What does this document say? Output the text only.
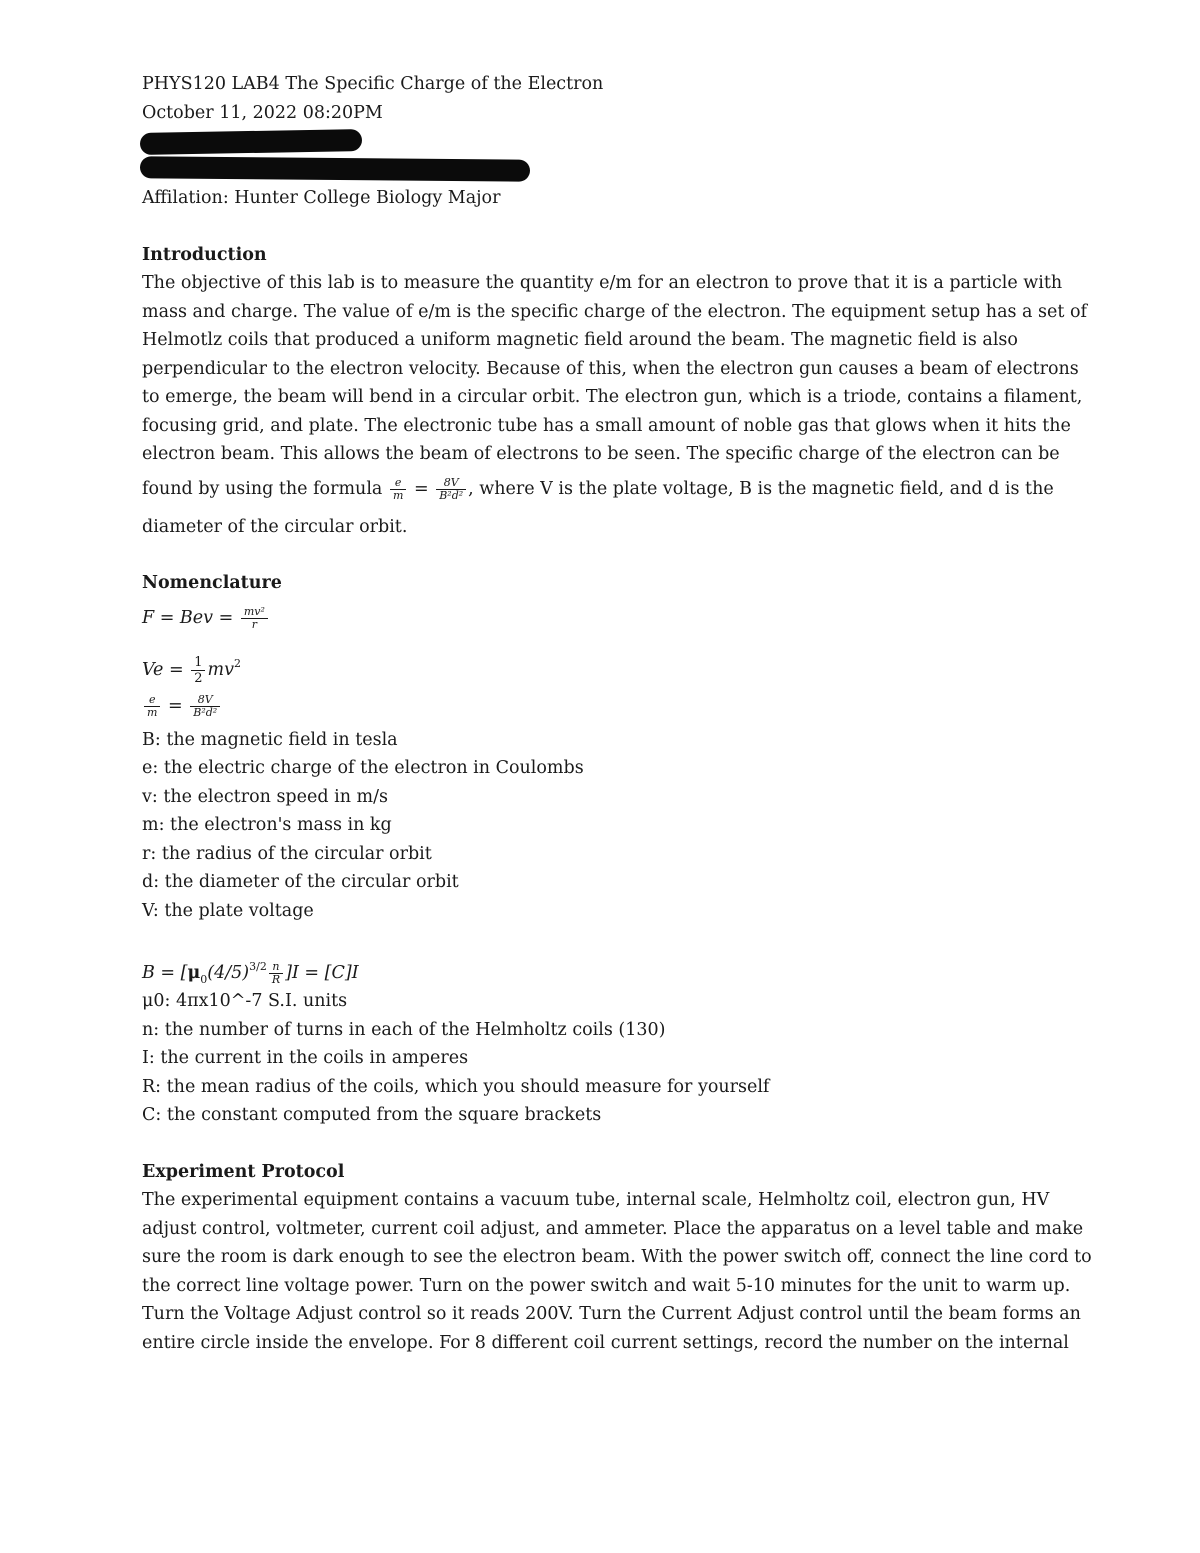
PHYS120 LAB4 The Specific Charge of the Electron
October 11, 2022 08:20PM
Affilation: Hunter College Biology Major
Introduction
The objective of this lab is to measure the quantity e/m for an electron to prove that it is a particle with
mass and charge. The value of e/m is the specific charge of the electron. The equipment setup has a set of
Helmotlz coils that produced a uniform magnetic field around the beam. The magnetic field is also
perpendicular to the electron velocity. Because of this, when the electron gun causes a beam of electrons
to emerge, the beam will bend in a circular orbit. The electron gun, which is a triode, contains a filament,
focusing grid, and plate. The electronic tube has a small amount of noble gas that glows when it hits the
electron beam. This allows the beam of electrons to be seen. The specific charge of the electron can be
found by using the formula $\frac{e}{m} = \frac{8V}{\text{B²d²}}$ , where V is the plate voltage, B is the magnetic field, and d is the
diameter of the circular orbit.
Nomenclature
F = Bev = $\frac{\text{mv²}}{r}$
$Ve = \frac{1}{2} mv^2$
$\frac{e}{m} = \frac{8V}{\text{B²d²}}$
B: the magnetic field in tesla
e: the electric charge of the electron in Coulombs
v: the electron speed in m/s
m: the electron's mass in kg
r: the radius of the circular orbit
d: the diameter of the circular orbit
V: the plate voltage
$B = [\mu_0(4/5)^{3/2} \frac{n}{R} ]I = [C]I$
μ0: 4πx10^-7 S.I. units
n: the number of turns in each of the Helmholtz coils (130)
I: the current in the coils in amperes
R: the mean radius of the coils, which you should measure for yourself
C: the constant computed from the square brackets
Experiment Protocol
The experimental equipment contains a vacuum tube, internal scale, Helmholtz coil, electron gun, HV
adjust control, voltmeter, current coil adjust, and ammeter. Place the apparatus on a level table and make
sure the room is dark enough to see the electron beam. With the power switch off, connect the line cord to
the correct line voltage power. Turn on the power switch and wait 5-10 minutes for the unit to warm up.
Turn the Voltage Adjust control so it reads 200V. Turn the Current Adjust control until the beam forms an
entire circle inside the envelope. For 8 different coil current settings, record the number on the internal
